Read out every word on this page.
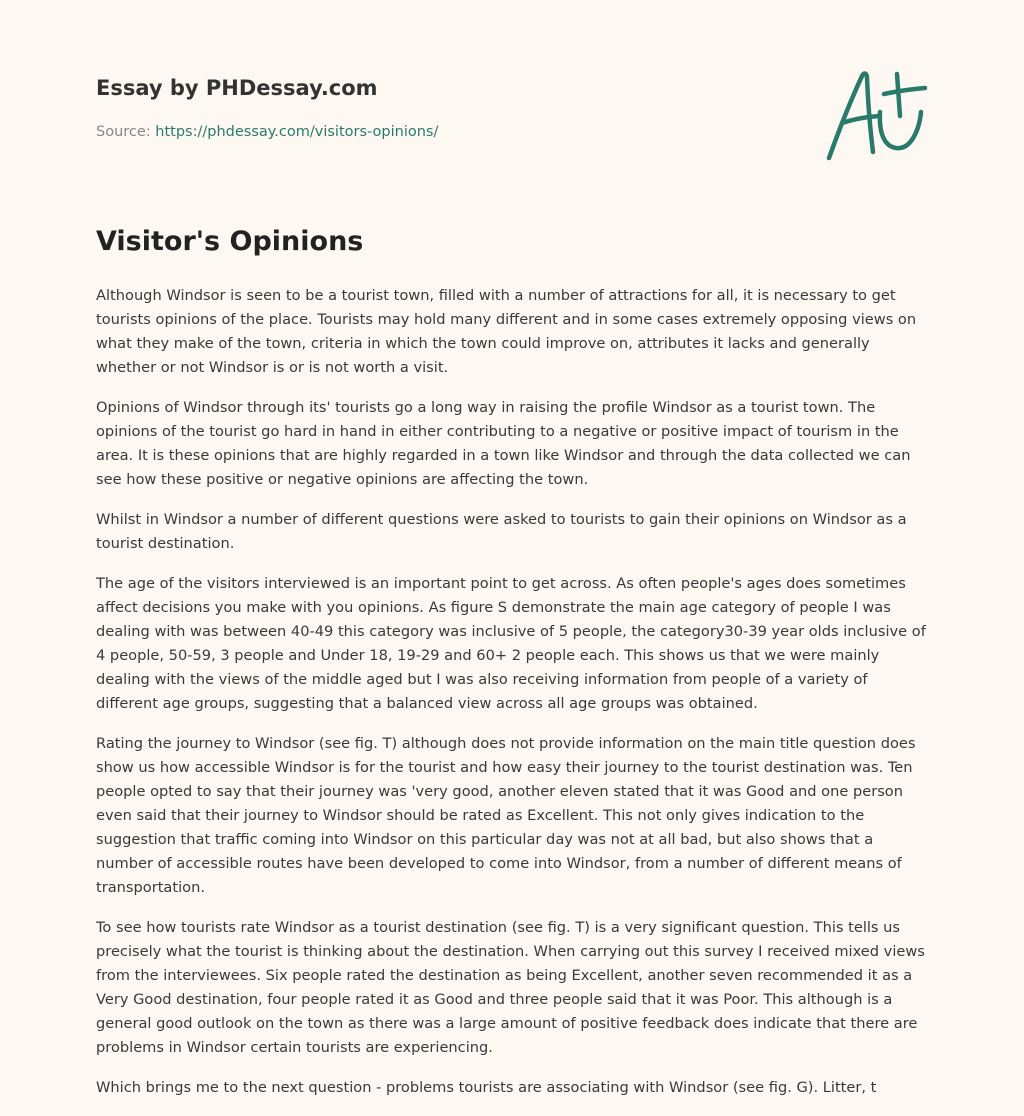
Essay by PHDessay.com
Source: https://phdessay.com/visitors-opinions/
Visitor's Opinions

Although Windsor is seen to be a tourist town, filled with a number of attractions for all, it is necessary to get tourists opinions of the place. Tourists may hold many different and in some cases extremely opposing views on what they make of the town, criteria in which the town could improve on, attributes it lacks and generally whether or not Windsor is or is not worth a visit.

Opinions of Windsor through its' tourists go a long way in raising the profile Windsor as a tourist town. The opinions of the tourist go hard in hand in either contributing to a negative or positive impact of tourism in the area. It is these opinions that are highly regarded in a town like Windsor and through the data collected we can see how these positive or negative opinions are affecting the town.

Whilst in Windsor a number of different questions were asked to tourists to gain their opinions on Windsor as a tourist destination.

The age of the visitors interviewed is an important point to get across. As often people's ages does sometimes affect decisions you make with you opinions. As figure S demonstrate the main age category of people I was dealing with was between 40-49 this category was inclusive of 5 people, the category30-39 year olds inclusive of 4 people, 50-59, 3 people and Under 18, 19-29 and 60+ 2 people each. This shows us that we were mainly dealing with the views of the middle aged but I was also receiving information from people of a variety of different age groups, suggesting that a balanced view across all age groups was obtained.

Rating the journey to Windsor (see fig. T) although does not provide information on the main title question does show us how accessible Windsor is for the tourist and how easy their journey to the tourist destination was. Ten people opted to say that their journey was 'very good, another eleven stated that it was Good and one person even said that their journey to Windsor should be rated as Excellent. This not only gives indication to the suggestion that traffic coming into Windsor on this particular day was not at all bad, but also shows that a number of accessible routes have been developed to come into Windsor, from a number of different means of transportation.

To see how tourists rate Windsor as a tourist destination (see fig. T) is a very significant question. This tells us precisely what the tourist is thinking about the destination. When carrying out this survey I received mixed views from the interviewees. Six people rated the destination as being Excellent, another seven recommended it as a Very Good destination, four people rated it as Good and three people said that it was Poor. This although is a general good outlook on the town as there was a large amount of positive feedback does indicate that there are problems in Windsor certain tourists are experiencing.

Which brings me to the next question - problems tourists are associating with Windsor (see fig. G). Litter, t
